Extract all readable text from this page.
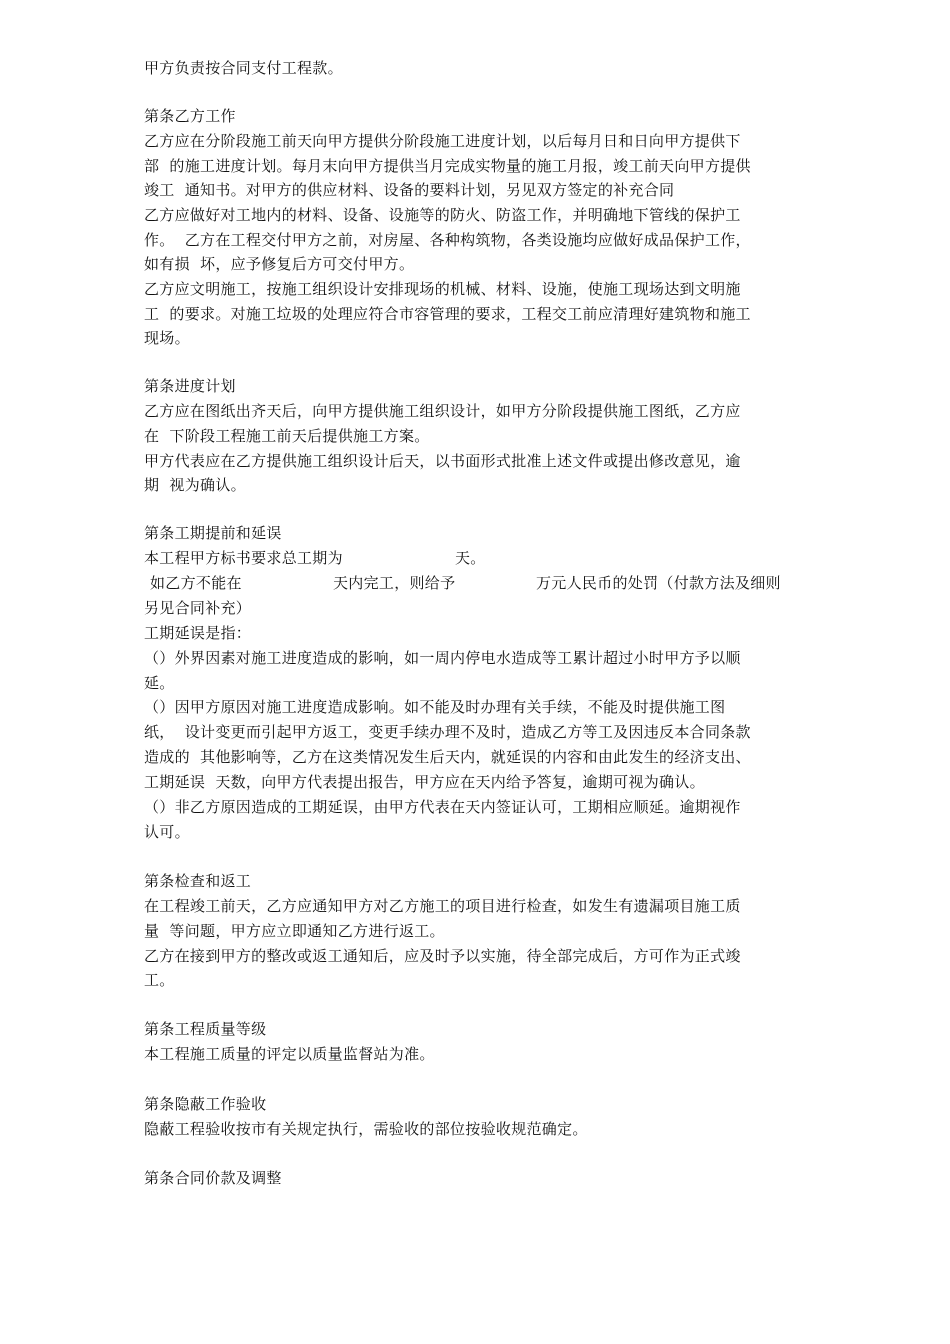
甲方负责按合同支付工程款。
第条乙方工作
乙方应在分阶段施工前天向甲方提供分阶段施工进度计划，以后每月日和日向甲方提供下
部  的施工进度计划。每月末向甲方提供当月完成实物量的施工月报，竣工前天向甲方提供
竣工  通知书。对甲方的供应材料、设备的要料计划，另见双方签定的补充合同
乙方应做好对工地内的材料、设备、设施等的防火、防盗工作，并明确地下管线的保护工
作。  乙方在工程交付甲方之前，对房屋、各种构筑物，各类设施均应做好成品保护工作，
如有损  坏，应予修复后方可交付甲方。
乙方应文明施工，按施工组织设计安排现场的机械、材料、设施，使施工现场达到文明施
工  的要求。对施工垃圾的处理应符合市容管理的要求，工程交工前应清理好建筑物和施工
现场。
第条进度计划
乙方应在图纸出齐天后，向甲方提供施工组织设计，如甲方分阶段提供施工图纸，乙方应
在  下阶段工程施工前天后提供施工方案。
甲方代表应在乙方提供施工组织设计后天，以书面形式批准上述文件或提出修改意见，逾
期  视为确认。
第条工期提前和延误
本工程甲方标书要求总工期为	天。
如乙方不能在	天内完工，则给予	万元人民币的处罚（付款方法及细则
另见合同补充）
工期延误是指：
（）外界因素对施工进度造成的影响，如一周内停电水造成等工累计超过小时甲方予以顺
延。
（）因甲方原因对施工进度造成影响。如不能及时办理有关手续，不能及时提供施工图
纸，  设计变更而引起甲方返工，变更手续办理不及时，造成乙方等工及因违反本合同条款
造成的  其他影响等，乙方在这类情况发生后天内，就延误的内容和由此发生的经济支出、
工期延误  天数，向甲方代表提出报告，甲方应在天内给予答复，逾期可视为确认。
（）非乙方原因造成的工期延误，由甲方代表在天内签证认可，工期相应顺延。逾期视作
认可。
第条检查和返工
在工程竣工前天，乙方应通知甲方对乙方施工的项目进行检查，如发生有遗漏项目施工质
量  等问题，甲方应立即通知乙方进行返工。
乙方在接到甲方的整改或返工通知后，应及时予以实施，待全部完成后，方可作为正式竣
工。
第条工程质量等级
本工程施工质量的评定以质量监督站为准。
第条隐蔽工作验收
隐蔽工程验收按市有关规定执行，需验收的部位按验收规范确定。
第条合同价款及调整
